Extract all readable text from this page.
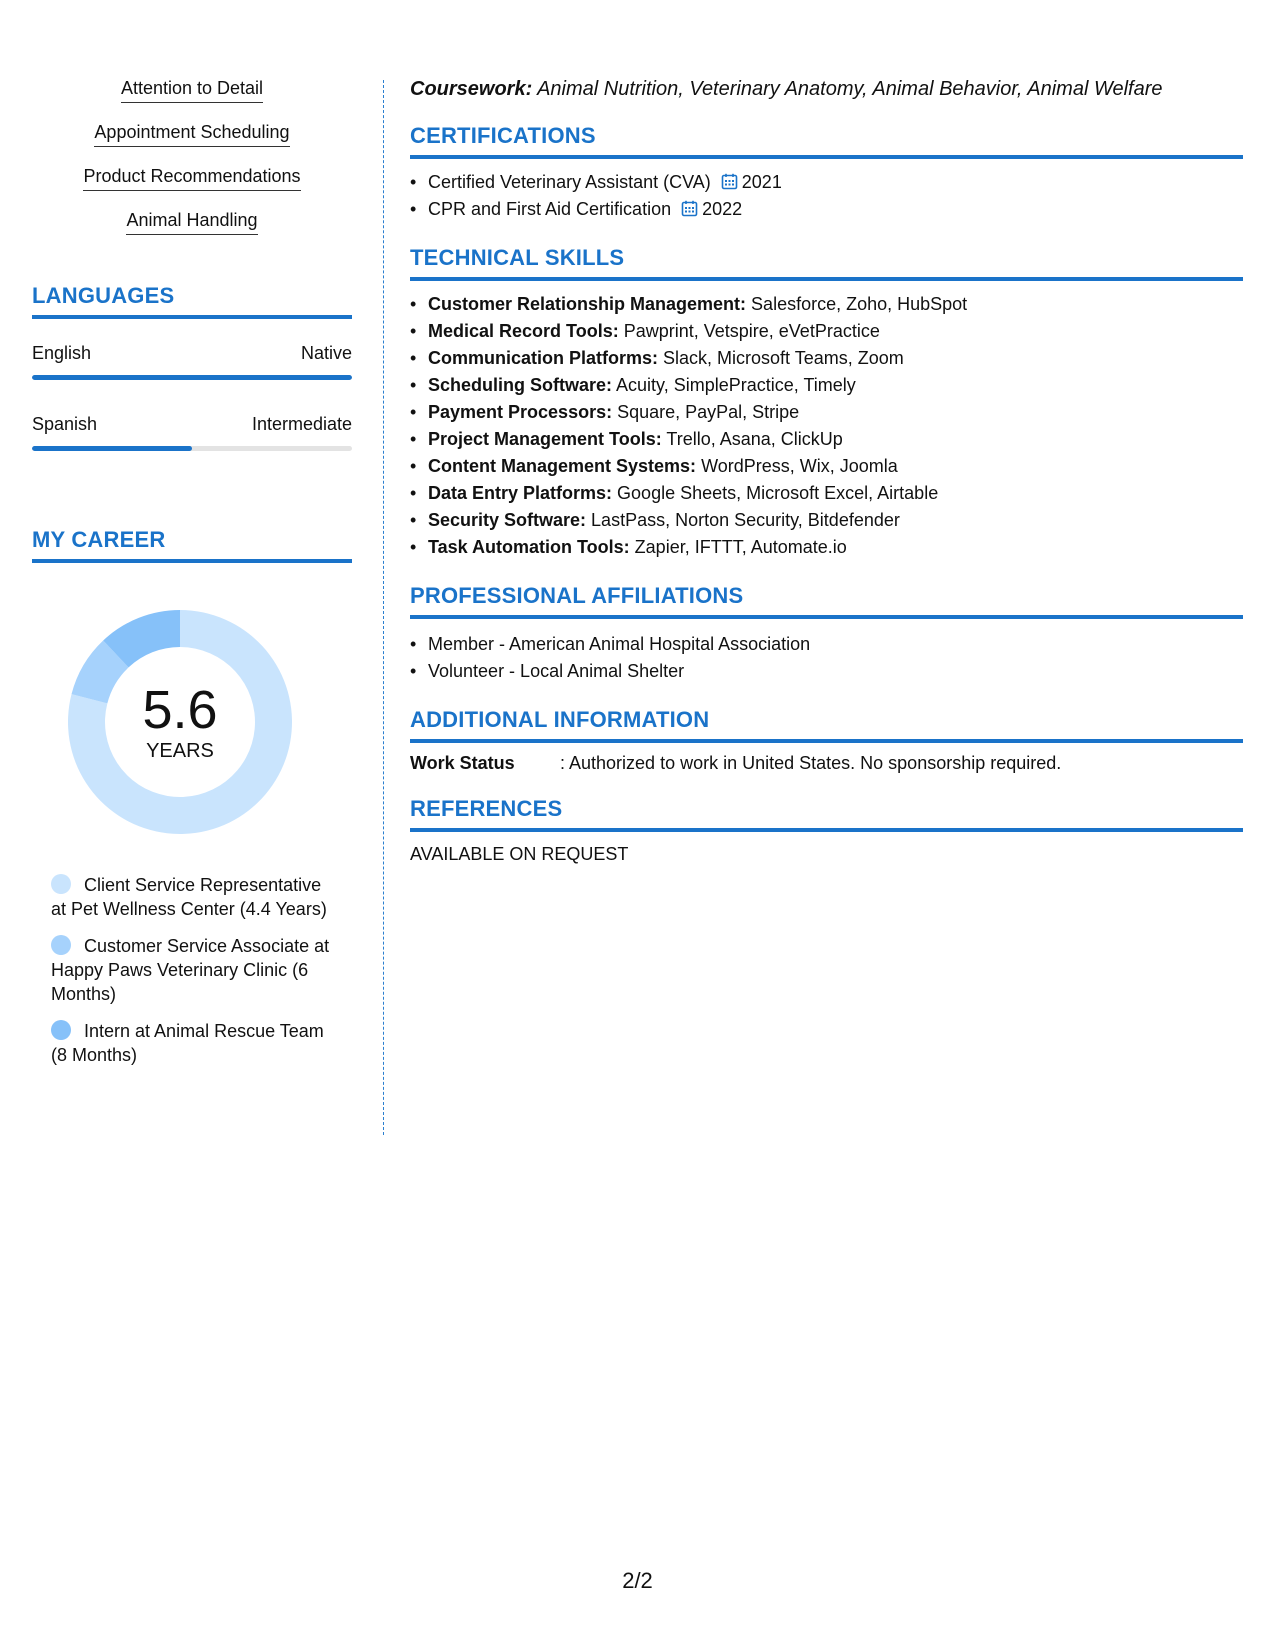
Attention to Detail
Appointment Scheduling
Product Recommendations
Animal Handling
LANGUAGES
English	Native
Spanish	Intermediate
MY CAREER
5.6
YEARS
Client Service Representative at Pet Wellness Center (4.4 Years)
Customer Service Associate at Happy Paws Veterinary Clinic (6 Months)
Intern at Animal Rescue Team (8 Months)

Coursework: Animal Nutrition, Veterinary Anatomy, Animal Behavior, Animal Welfare

CERTIFICATIONS
• Certified Veterinary Assistant (CVA) 2021
• CPR and First Aid Certification 2022
TECHNICAL SKILLS
• Customer Relationship Management: Salesforce, Zoho, HubSpot
• Medical Record Tools: Pawprint, Vetspire, eVetPractice
• Communication Platforms: Slack, Microsoft Teams, Zoom
• Scheduling Software: Acuity, SimplePractice, Timely
• Payment Processors: Square, PayPal, Stripe
• Project Management Tools: Trello, Asana, ClickUp
• Content Management Systems: WordPress, Wix, Joomla
• Data Entry Platforms: Google Sheets, Microsoft Excel, Airtable
• Security Software: LastPass, Norton Security, Bitdefender
• Task Automation Tools: Zapier, IFTTT, Automate.io
PROFESSIONAL AFFILIATIONS
• Member - American Animal Hospital Association
• Volunteer - Local Animal Shelter
ADDITIONAL INFORMATION
Work Status	: Authorized to work in United States. No sponsorship required.
REFERENCES
AVAILABLE ON REQUEST
2/2
